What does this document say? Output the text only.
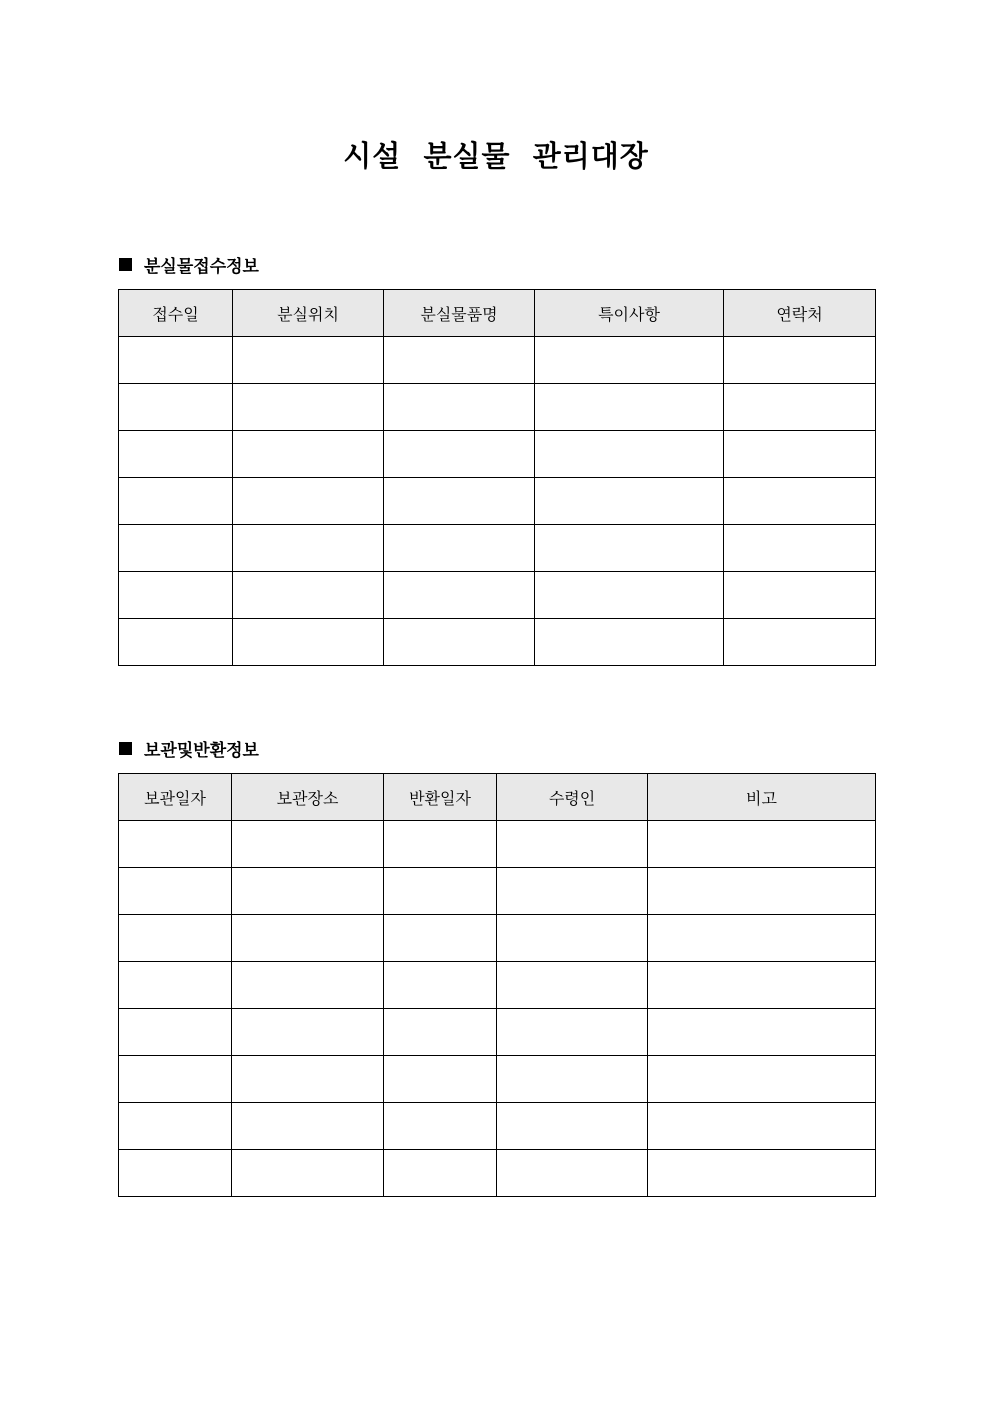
시설  분실물  관리대장
분실물접수정보
접수일	분실위치	분실물품명	특이사항	연락처

보관및반환정보
보관일자	보관장소	반환일자	수령인	비고
